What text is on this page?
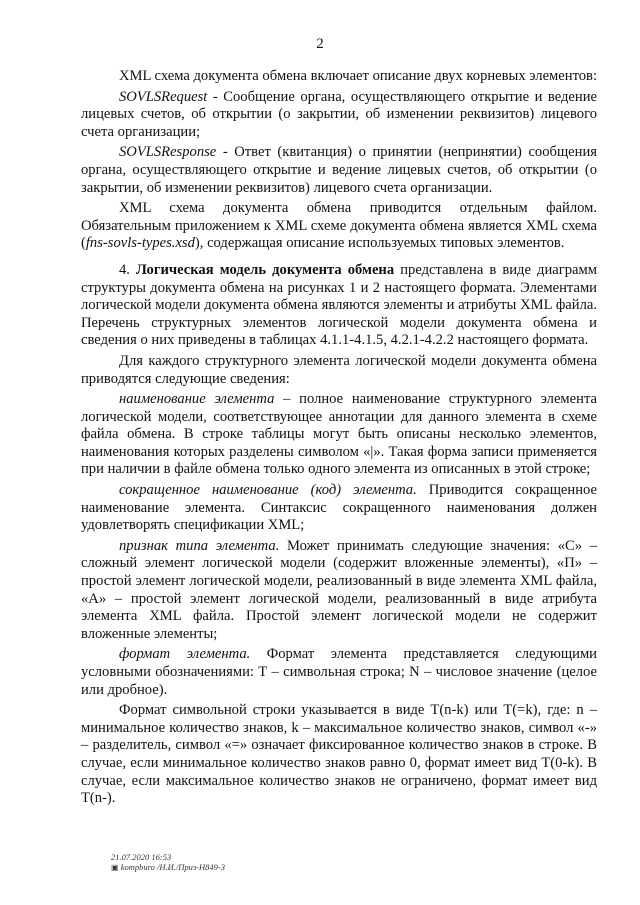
2

XML схема документа обмена включает описание двух корневых элементов:

SOVLSRequest - Сообщение органа, осуществляющего открытие и ведение лицевых счетов, об открытии (о закрытии, об изменении реквизитов) лицевого счета организации;

SOVLSResponse - Ответ (квитанция) о принятии (непринятии) сообщения органа, осуществляющего открытие и ведение лицевых счетов, об открытии (о закрытии, об изменении реквизитов) лицевого счета организации.

XML схема документа обмена приводится отдельным файлом. Обязательным приложением к XML схеме документа обмена является XML схема (fns-sovls-types.xsd), содержащая описание используемых типовых элементов.

4. Логическая модель документа обмена представлена в виде диаграмм структуры документа обмена на рисунках 1 и 2 настоящего формата. Элементами логической модели документа обмена являются элементы и атрибуты XML файла. Перечень структурных элементов логической модели документа обмена и сведения о них приведены в таблицах 4.1.1-4.1.5, 4.2.1-4.2.2 настоящего формата.

Для каждого структурного элемента логической модели документа обмена приводятся следующие сведения:

наименование элемента – полное наименование структурного элемента логической модели, соответствующее аннотации для данного элемента в схеме файла обмена. В строке таблицы могут быть описаны несколько элементов, наименования которых разделены символом «|». Такая форма записи применяется при наличии в файле обмена только одного элемента из описанных в этой строке;

сокращенное наименование (код) элемента. Приводится сокращенное наименование элемента. Синтаксис сокращенного наименования должен удовлетворять спецификации XML;

признак типа элемента. Может принимать следующие значения: «С» – сложный элемент логической модели (содержит вложенные элементы), «П» – простой элемент логической модели, реализованный в виде элемента XML файла, «А» – простой элемент логической модели, реализованный в виде атрибута элемента XML файла. Простой элемент логической модели не содержит вложенные элементы;

формат элемента. Формат элемента представляется следующими условными обозначениями: Т – символьная строка; N – числовое значение (целое или дробное).

Формат символьной строки указывается в виде T(n-k) или T(=k), где: n – минимальное количество знаков, k – максимальное количество знаков, символ «-» – разделитель, символ «=» означает фиксированное количество знаков в строке. В случае, если минимальное количество знаков равно 0, формат имеет вид T(0-k). В случае, если максимальное количество знаков не ограничено, формат имеет вид T(n-).

21.07.2020 16:53
▣ kompburo /Н.И./Приз-Н849-3
